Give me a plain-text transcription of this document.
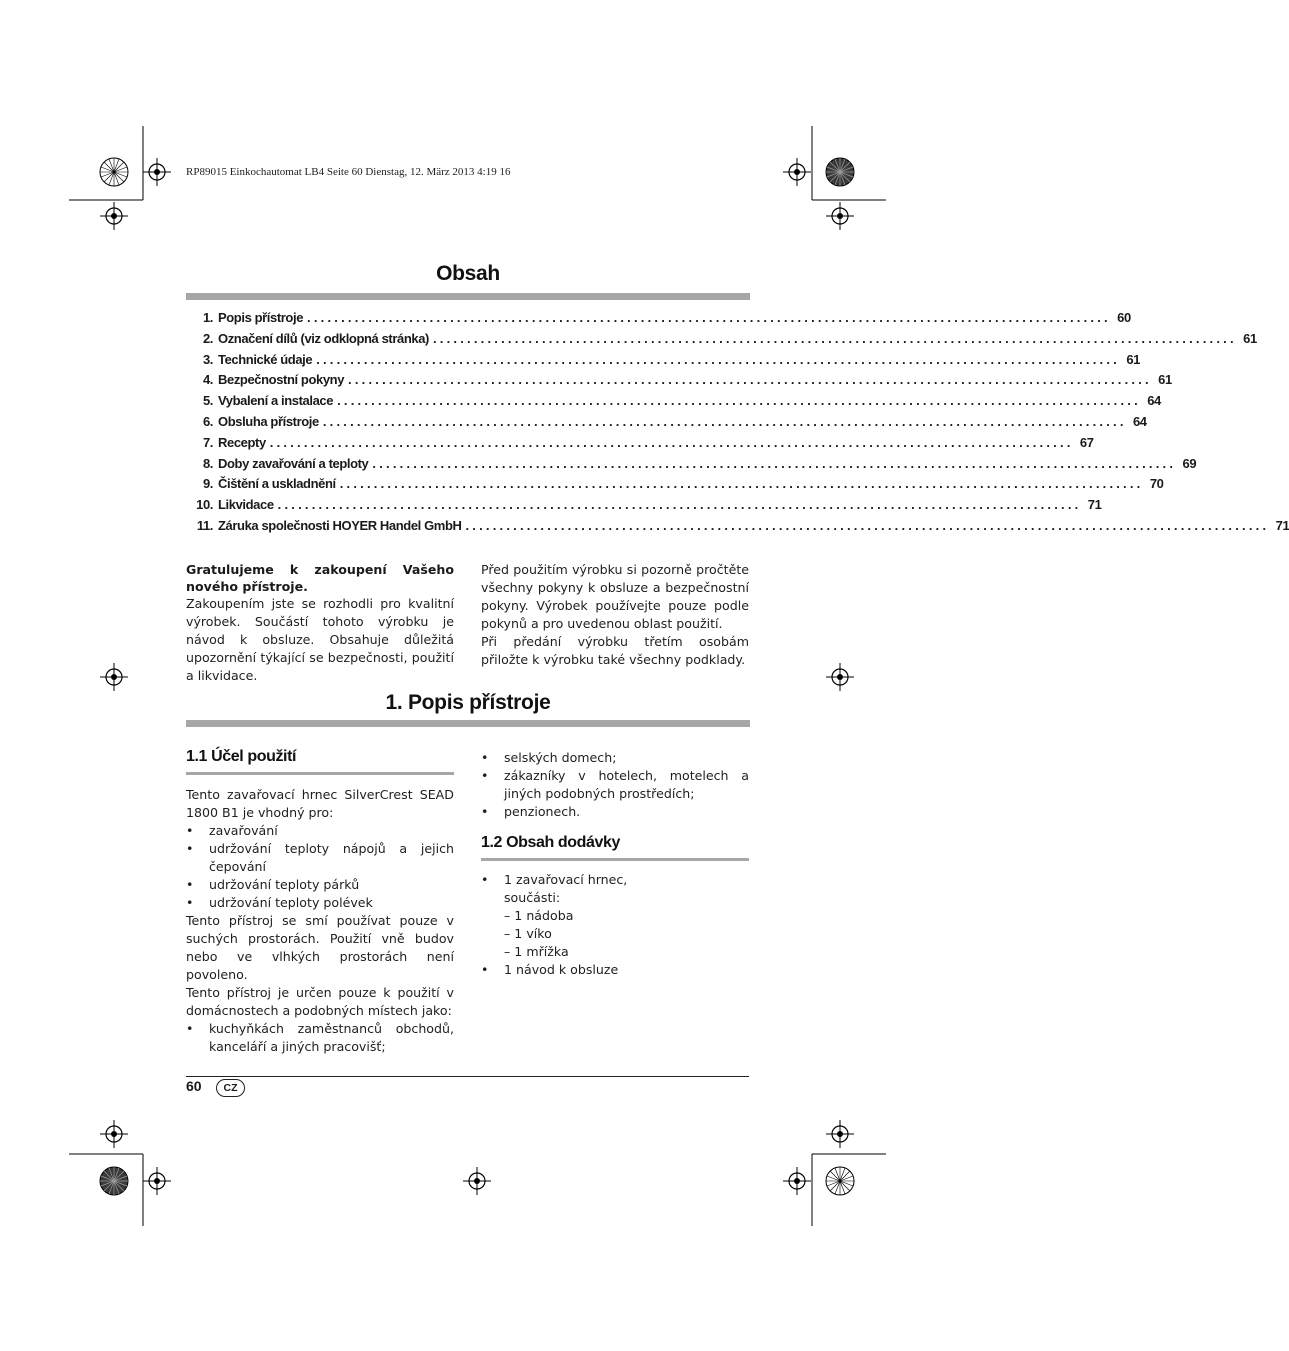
RP89015 Einkochautomat LB4 Seite 60 Dienstag, 12. März 2013 4:19 16
Obsah
1. Popis přístroje ...................................................................................................................... 60
2. Označení dílů (viz odklopná stránka) ...................................................................................................................... 61
3. Technické údaje ...................................................................................................................... 61
4. Bezpečnostní pokyny ...................................................................................................................... 61
5. Vybalení a instalace ...................................................................................................................... 64
6. Obsluha přístroje ...................................................................................................................... 64
7. Recepty ...................................................................................................................... 67
8. Doby zavařování a teploty ...................................................................................................................... 69
9. Čištění a uskladnění ...................................................................................................................... 70
10. Likvidace ...................................................................................................................... 71
11. Záruka společnosti HOYER Handel GmbH ...................................................................................................................... 71
Gratulujeme k zakoupení Vašeho nového přístroje.
Zakoupením jste se rozhodli pro kvalitní výrobek. Součástí tohoto výrobku je návod k obsluze. Obsahuje důležitá upozornění týkající se bezpečnosti, použití a likvidace.
Před použitím výrobku si pozorně pročtěte všechny pokyny k obsluze a bezpečnostní pokyny. Výrobek používejte pouze podle pokynů a pro uvedenou oblast použití.
Při předání výrobku třetím osobám přiložte k výrobku také všechny podklady.
1. Popis přístroje
1.1 Účel použití
Tento zavařovací hrnec SilverCrest SEAD 1800 B1 je vhodný pro:
• zavařování
• udržování teploty nápojů a jejich čepování
• udržování teploty párků
• udržování teploty polévek
Tento přístroj se smí používat pouze v suchých prostorách. Použití vně budov nebo ve vlhkých prostorách není povoleno.
Tento přístroj je určen pouze k použití v domácnostech a podobných místech jako:
• kuchyňkách zaměstnanců obchodů, kanceláří a jiných pracovišť;
• selských domech;
• zákazníky v hotelech, motelech a jiných podobných prostředích;
• penzionech.
1.2 Obsah dodávky
• 1 zavařovací hrnec,
součásti:
– 1 nádoba
– 1 víko
– 1 mřížka
• 1 návod k obsluze
60	CZ
